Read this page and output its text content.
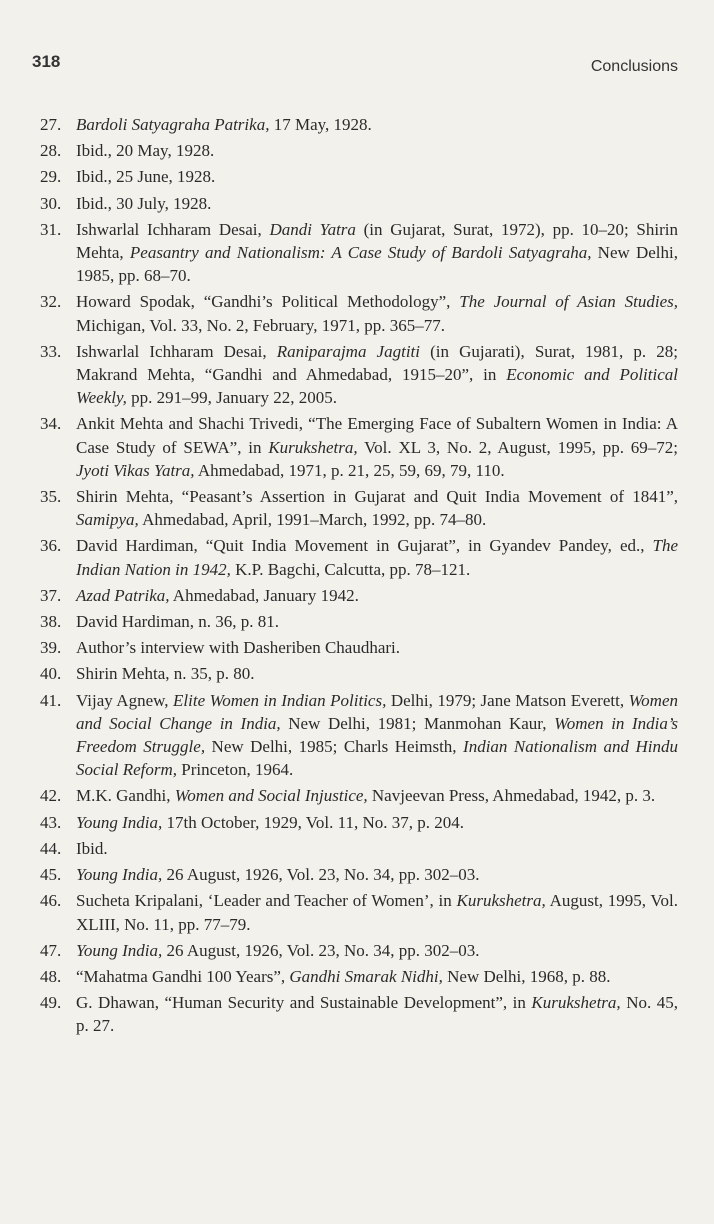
318	Conclusions
27. Bardoli Satyagraha Patrika, 17 May, 1928.
28. Ibid., 20 May, 1928.
29. Ibid., 25 June, 1928.
30. Ibid., 30 July, 1928.
31. Ishwarlal Ichharam Desai, Dandi Yatra (in Gujarat, Surat, 1972), pp. 10–20; Shirin Mehta, Peasantry and Nationalism: A Case Study of Bardoli Satyagraha, New Delhi, 1985, pp. 68–70.
32. Howard Spodak, “Gandhi’s Political Methodology”, The Journal of Asian Studies, Michigan, Vol. 33, No. 2, February, 1971, pp. 365–77.
33. Ishwarlal Ichharam Desai, Raniparajma Jagtiti (in Gujarati), Surat, 1981, p. 28; Makrand Mehta, “Gandhi and Ahmedabad, 1915–20”, in Economic and Political Weekly, pp. 291–99, January 22, 2005.
34. Ankit Mehta and Shachi Trivedi, “The Emerging Face of Subaltern Women in India: A Case Study of SEWA”, in Kurukshetra, Vol. XL 3, No. 2, August, 1995, pp. 69–72; Jyoti Vikas Yatra, Ahmedabad, 1971, p. 21, 25, 59, 69, 79, 110.
35. Shirin Mehta, “Peasant’s Assertion in Gujarat and Quit India Movement of 1841”, Samipya, Ahmedabad, April, 1991–March, 1992, pp. 74–80.
36. David Hardiman, “Quit India Movement in Gujarat”, in Gyandev Pandey, ed., The Indian Nation in 1942, K.P. Bagchi, Calcutta, pp. 78–121.
37. Azad Patrika, Ahmedabad, January 1942.
38. David Hardiman, n. 36, p. 81.
39. Author’s interview with Dasheriben Chaudhari.
40. Shirin Mehta, n. 35, p. 80.
41. Vijay Agnew, Elite Women in Indian Politics, Delhi, 1979; Jane Matson Everett, Women and Social Change in India, New Delhi, 1981; Manmohan Kaur, Women in India’s Freedom Struggle, New Delhi, 1985; Charls Heimsth, Indian Nationalism and Hindu Social Reform, Princeton, 1964.
42. M.K. Gandhi, Women and Social Injustice, Navjeevan Press, Ahmedabad, 1942, p. 3.
43. Young India, 17th October, 1929, Vol. 11, No. 37, p. 204.
44. Ibid.
45. Young India, 26 August, 1926, Vol. 23, No. 34, pp. 302–03.
46. Sucheta Kripalani, ‘Leader and Teacher of Women’, in Kurukshetra, August, 1995, Vol. XLIII, No. 11, pp. 77–79.
47. Young India, 26 August, 1926, Vol. 23, No. 34, pp. 302–03.
48. “Mahatma Gandhi 100 Years”, Gandhi Smarak Nidhi, New Delhi, 1968, p. 88.
49. G. Dhawan, “Human Security and Sustainable Development”, in Kurukshetra, No. 45, p. 27.
